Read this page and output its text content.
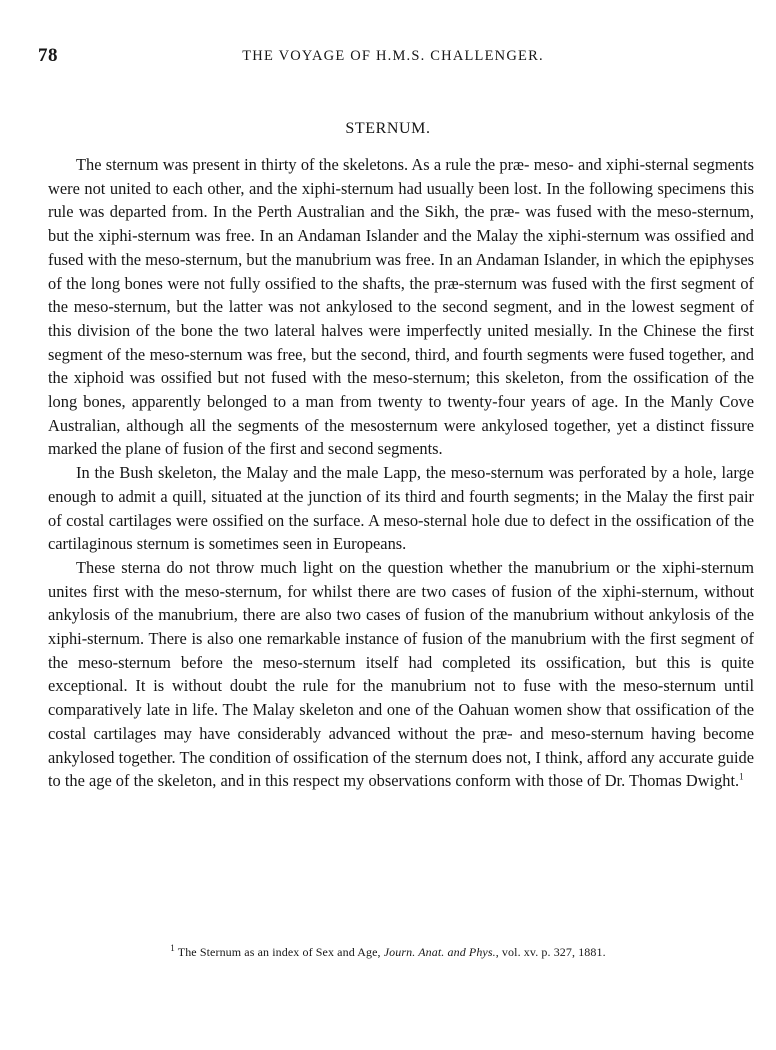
78	THE VOYAGE OF H.M.S. CHALLENGER.
STERNUM.

The sternum was present in thirty of the skeletons. As a rule the præ- meso- and xiphi-sternal segments were not united to each other, and the xiphi-sternum had usually been lost. In the following specimens this rule was departed from. In the Perth Australian and the Sikh, the præ- was fused with the meso-sternum, but the xiphi-sternum was free. In an Andaman Islander and the Malay the xiphi-sternum was ossified and fused with the meso-sternum, but the manubrium was free. In an Andaman Islander, in which the epiphyses of the long bones were not fully ossified to the shafts, the præ-sternum was fused with the first segment of the meso-sternum, but the latter was not ankylosed to the second segment, and in the lowest segment of this division of the bone the two lateral halves were imperfectly united mesially. In the Chinese the first segment of the meso-sternum was free, but the second, third, and fourth segments were fused together, and the xiphoid was ossified but not fused with the meso-sternum; this skeleton, from the ossification of the long bones, apparently belonged to a man from twenty to twenty-four years of age. In the Manly Cove Australian, although all the segments of the mesosternum were ankylosed together, yet a distinct fissure marked the plane of fusion of the first and second segments.

In the Bush skeleton, the Malay and the male Lapp, the meso-sternum was perforated by a hole, large enough to admit a quill, situated at the junction of its third and fourth segments; in the Malay the first pair of costal cartilages were ossified on the surface. A meso-sternal hole due to defect in the ossification of the cartilaginous sternum is sometimes seen in Europeans.

These sterna do not throw much light on the question whether the manubrium or the xiphi-sternum unites first with the meso-sternum, for whilst there are two cases of fusion of the xiphi-sternum, without ankylosis of the manubrium, there are also two cases of fusion of the manubrium without ankylosis of the xiphi-sternum. There is also one remarkable instance of fusion of the manubrium with the first segment of the meso-sternum before the meso-sternum itself had completed its ossification, but this is quite exceptional. It is without doubt the rule for the manubrium not to fuse with the meso-sternum until comparatively late in life. The Malay skeleton and one of the Oahuan women show that ossification of the costal cartilages may have considerably advanced without the præ- and meso-sternum having become ankylosed together. The condition of ossification of the sternum does not, I think, afford any accurate guide to the age of the skeleton, and in this respect my observations conform with those of Dr. Thomas Dwight.$^1$

$^1$ The Sternum as an index of Sex and Age, Journ. Anat. and Phys., vol. xv. p. 327, 1881.
